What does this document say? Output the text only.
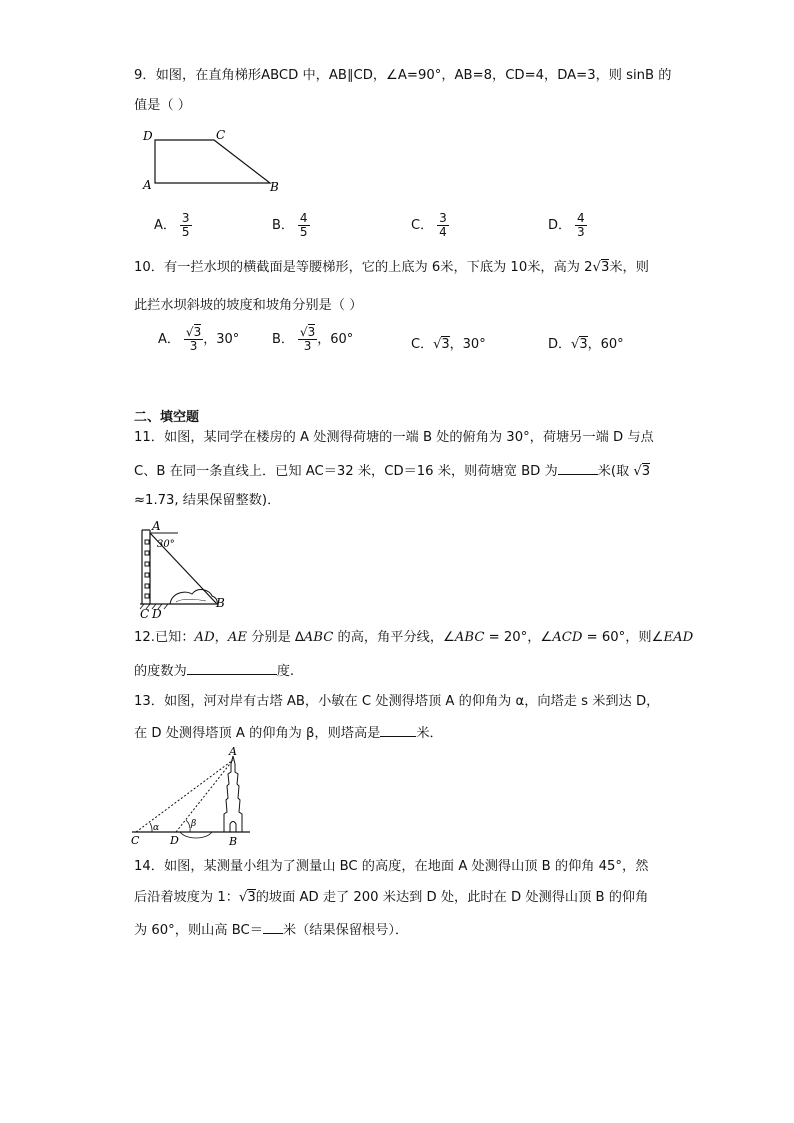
9．如图，在直角梯形ABCD 中，AB∥CD，∠A=90°，AB=8，CD=4，DA=3，则 sinB 的
值是（ ）
D	C
A	B
A． $\frac{3}{5}$	B． $\frac{4}{5}$	C． $\frac{3}{4}$	D． $\frac{4}{3}$
10．有一拦水坝的横截面是等腰梯形，它的上底为 6米，下底为 10米，高为 2√3米，则
此拦水坝斜坡的坡度和坡角分别是（ ）
A． $\frac{√3}{3}$ ，30°	B． $\frac{√3}{3}$ ，60°	C．√3，30°	D．√3，60°
二、填空题
11．如图，某同学在楼房的 A 处测得荷塘的一端 B 处的俯角为 30°，荷塘另一端 D 与点
C、B 在同一条直线上．已知 AC＝32 米，CD＝16 米，则荷塘宽 BD 为	米(取 √3
≈1.73, 结果保留整数)．
A
30°
C D
B
12.已知：AD，AE 分别是 ∆ABC 的高，角平分线，∠ABC = 20°，∠ACD = 60°，则∠EAD
的度数为	度.
13．如图，河对岸有古塔 AB，小敏在 C 处测得塔顶 A 的仰角为 α，向塔走 s 米到达 D，
在 D 处测得塔顶 A 的仰角为 β，则塔高是	米．
A
C	D	B
α	β
14．如图，某测量小组为了测量山 BC 的高度，在地面 A 处测得山顶 B 的仰角 45°，然
后沿着坡度为 1：√3的坡面 AD 走了 200 米达到 D 处，此时在 D 处测得山顶 B 的仰角
为 60°，则山高 BC＝ 米（结果保留根号）．
